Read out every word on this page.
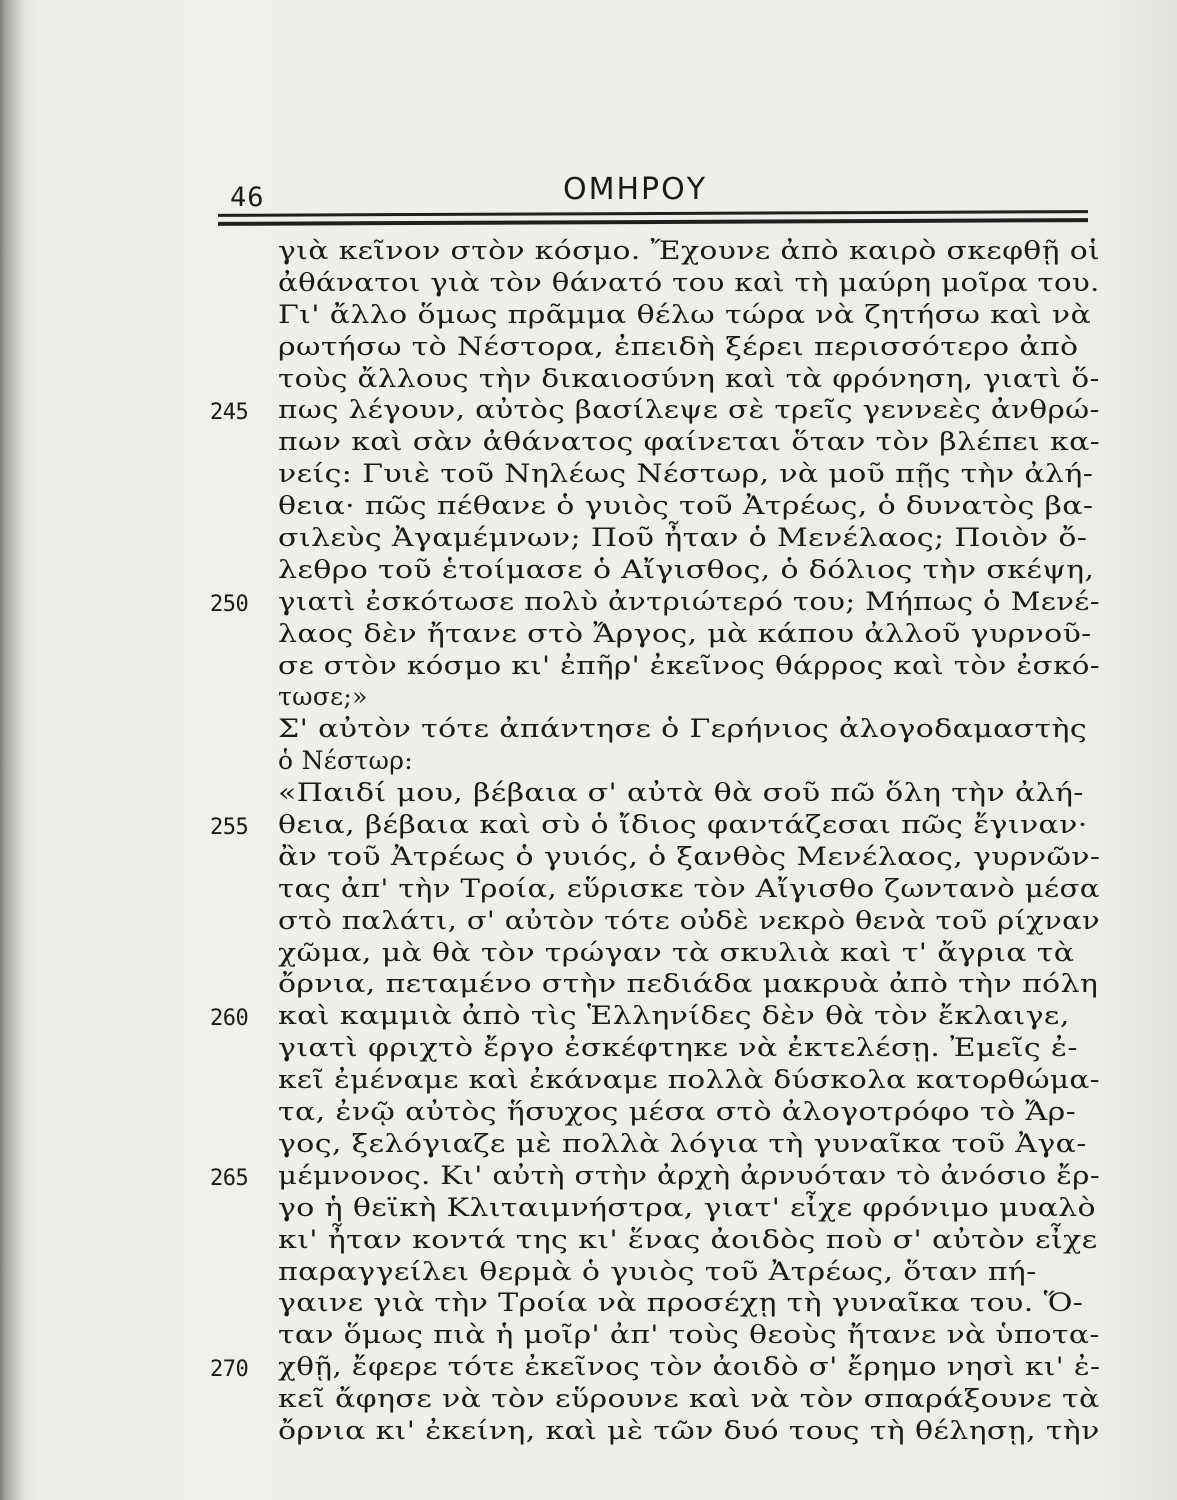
46	ΟΜΗΡΟΥ
γιὰ κεῖνον στὸν κόσμο. Ἔχουνε ἀπὸ καιρὸ σκεφθῇ οἱ
ἀθάνατοι γιὰ τὸν θάνατό του καὶ τὴ μαύρη μοῖρα του.
Γι' ἄλλο ὅμως πρᾶμμα θέλω τώρα νὰ ζητήσω καὶ νὰ
ρωτήσω τὸ Νέστορα, ἐπειδὴ ξέρει περισσότερο ἀπὸ
τοὺς ἄλλους τὴν δικαιοσύνη καὶ τὰ φρόνηση, γιατὶ ὅ-
245	πως λέγουν, αὐτὸς βασίλεψε σὲ τρεῖς γεννεὲς ἀνθρώ-
πων καὶ σὰν ἀθάνατος φαίνεται ὅταν τὸν βλέπει κα-
νείς: Γυιὲ τοῦ Νηλέως Νέστωρ, νὰ μοῦ πῇς τὴν ἀλή-
θεια· πῶς πέθανε ὁ γυιὸς τοῦ Ἀτρέως, ὁ δυνατὸς βα-
σιλεὺς Ἀγαμέμνων; Ποῦ ἦταν ὁ Μενέλαος; Ποιὸν ὄ-
λεθρο τοῦ ἑτοίμασε ὁ Αἴγισθος, ὁ δόλιος τὴν σκέψη,
250	γιατὶ ἐσκότωσε πολὺ ἀντριώτερό του; Μήπως ὁ Μενέ-
λαος δὲν ἤτανε στὸ Ἄργος, μὰ κάπου ἀλλοῦ γυρνοῦ-
σε στὸν κόσμο κι' ἐπῆρ' ἐκεῖνος θάρρος καὶ τὸν ἐσκό-
τωσε;»
Σ' αὐτὸν τότε ἀπάντησε ὁ Γερήνιος ἀλογοδαμαστὴς
ὁ Νέστωρ:
«Παιδί μου, βέβαια σ' αὐτὰ θὰ σοῦ πῶ ὅλη τὴν ἀλή-
255	θεια, βέβαια καὶ σὺ ὁ ἴδιος φαντάζεσαι πῶς ἔγιναν·
ἂν τοῦ Ἀτρέως ὁ γυιός, ὁ ξανθὸς Μενέλαος, γυρνῶν-
τας ἀπ' τὴν Τροία, εὕρισκε τὸν Αἴγισθο ζωντανὸ μέσα
στὸ παλάτι, σ' αὐτὸν τότε οὐδὲ νεκρὸ θενὰ τοῦ ρίχναν
χῶμα, μὰ θὰ τὸν τρώγαν τὰ σκυλιὰ καὶ τ' ἄγρια τὰ
ὄρνια, πεταμένο στὴν πεδιάδα μακρυὰ ἀπὸ τὴν πόλη
260	καὶ καμμιὰ ἀπὸ τὶς Ἑλληνίδες δὲν θὰ τὸν ἔκλαιγε,
γιατὶ φριχτὸ ἔργο ἐσκέφτηκε νὰ ἐκτελέσῃ. Ἐμεῖς ἐ-
κεῖ ἐμέναμε καὶ ἐκάναμε πολλὰ δύσκολα κατορθώμα-
τα, ἐνῷ αὐτὸς ἥσυχος μέσα στὸ ἀλογοτρόφο τὸ Ἄρ-
γος, ξελόγιαζε μὲ πολλὰ λόγια τὴ γυναῖκα τοῦ Ἀγα-
265	μέμνονος. Κι' αὐτὴ στὴν ἀρχὴ ἀρνυόταν τὸ ἀνόσιο ἔρ-
γο ἡ θεϊκὴ Κλιταιμνήστρα, γιατ' εἶχε φρόνιμο μυαλὸ
κι' ἦταν κοντά της κι' ἕνας ἀοιδὸς ποὺ σ' αὐτὸν εἶχε
παραγγείλει θερμὰ ὁ γυιὸς τοῦ Ἀτρέως, ὅταν πή-
γαινε γιὰ τὴν Τροία νὰ προσέχῃ τὴ γυναῖκα του. Ὅ-
ταν ὅμως πιὰ ἡ μοῖρ' ἀπ' τοὺς θεοὺς ἤτανε νὰ ὑποτα-
270	χθῇ, ἔφερε τότε ἐκεῖνος τὸν ἀοιδὸ σ' ἔρημο νησὶ κι' ἐ-
κεῖ ἄφησε νὰ τὸν εὕρουνε καὶ νὰ τὸν σπαράξουνε τὰ
ὄρνια κι' ἐκείνη, καὶ μὲ τῶν δυό τους τὴ θέλησῃ, τὴν
